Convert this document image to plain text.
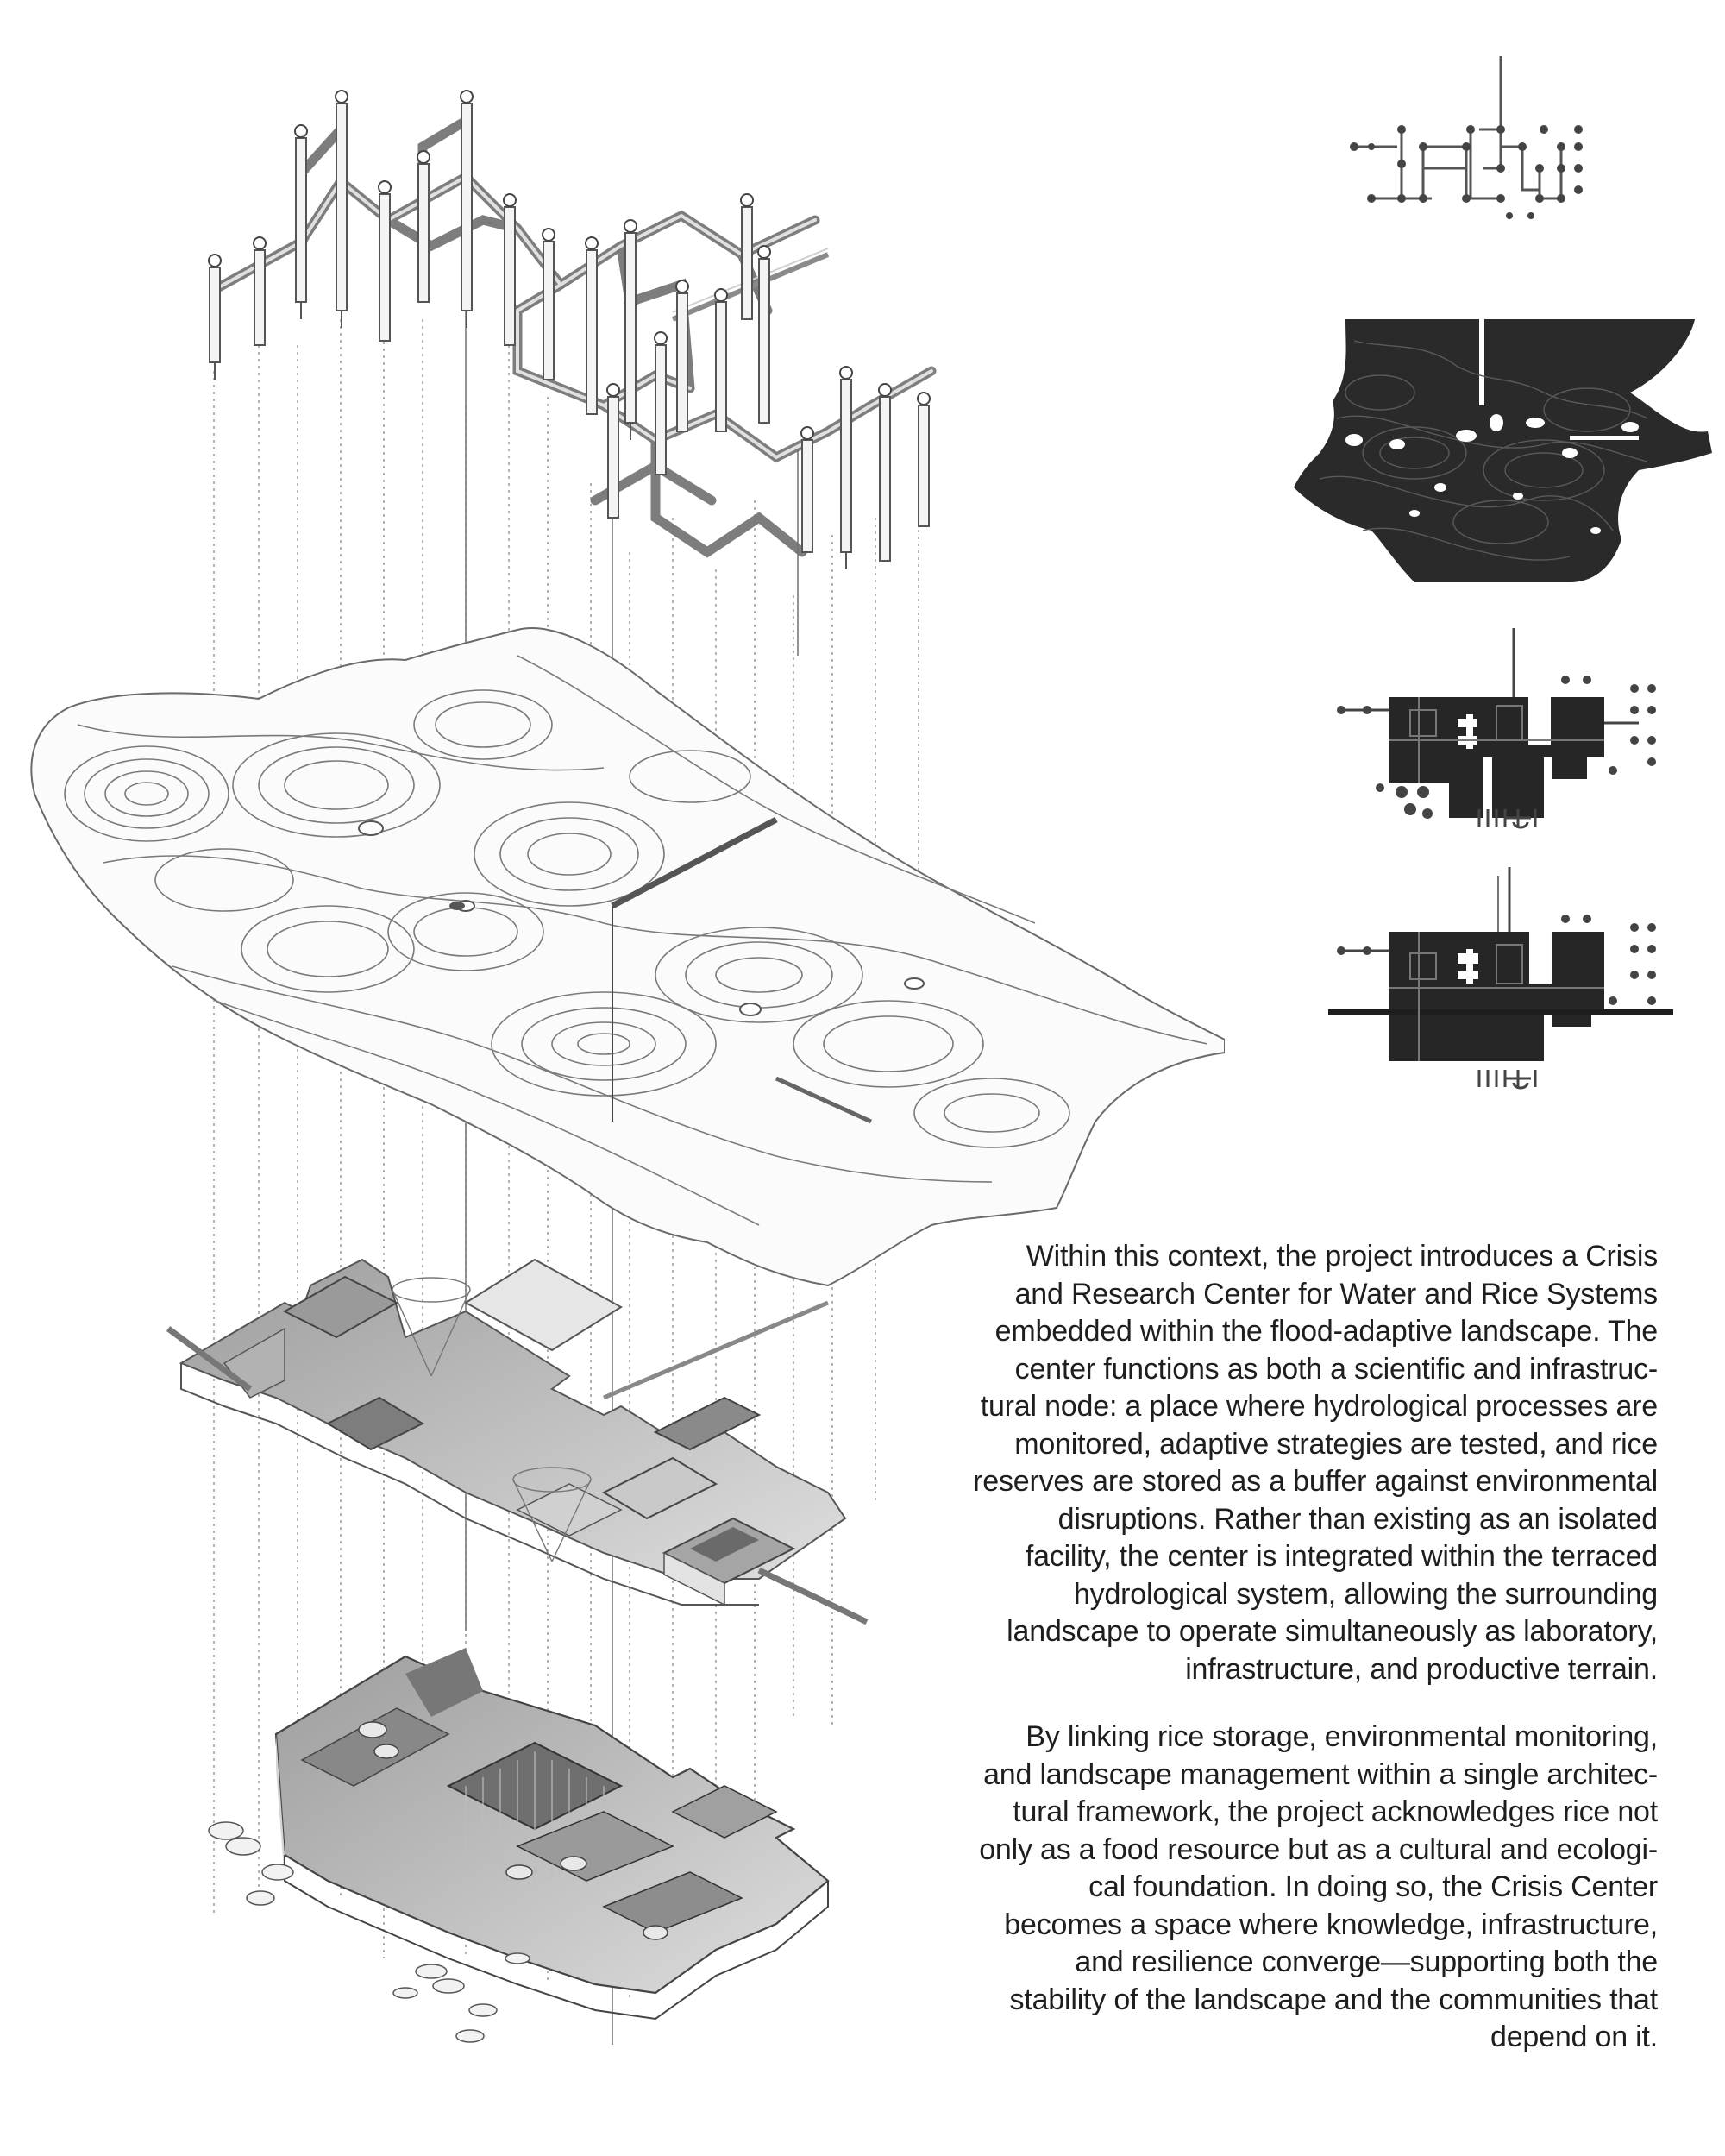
Within this context, the project introduces a Crisis
and Research Center for Water and Rice Systems
embedded within the flood-adaptive landscape. The
center functions as both a scientific and infrastruc-
tural node: a place where hydrological processes are
monitored, adaptive strategies are tested, and rice
reserves are stored as a buffer against environmental
disruptions. Rather than existing as an isolated
facility, the center is integrated within the terraced
hydrological system, allowing the surrounding
landscape to operate simultaneously as laboratory,
infrastructure, and productive terrain.
By linking rice storage, environmental monitoring,
and landscape management within a single architec-
tural framework, the project acknowledges rice not
only as a food resource but as a cultural and ecologi-
cal foundation. In doing so, the Crisis Center
becomes a space where knowledge, infrastructure,
and resilience converge—supporting both the
stability of the landscape and the communities that
depend on it.
